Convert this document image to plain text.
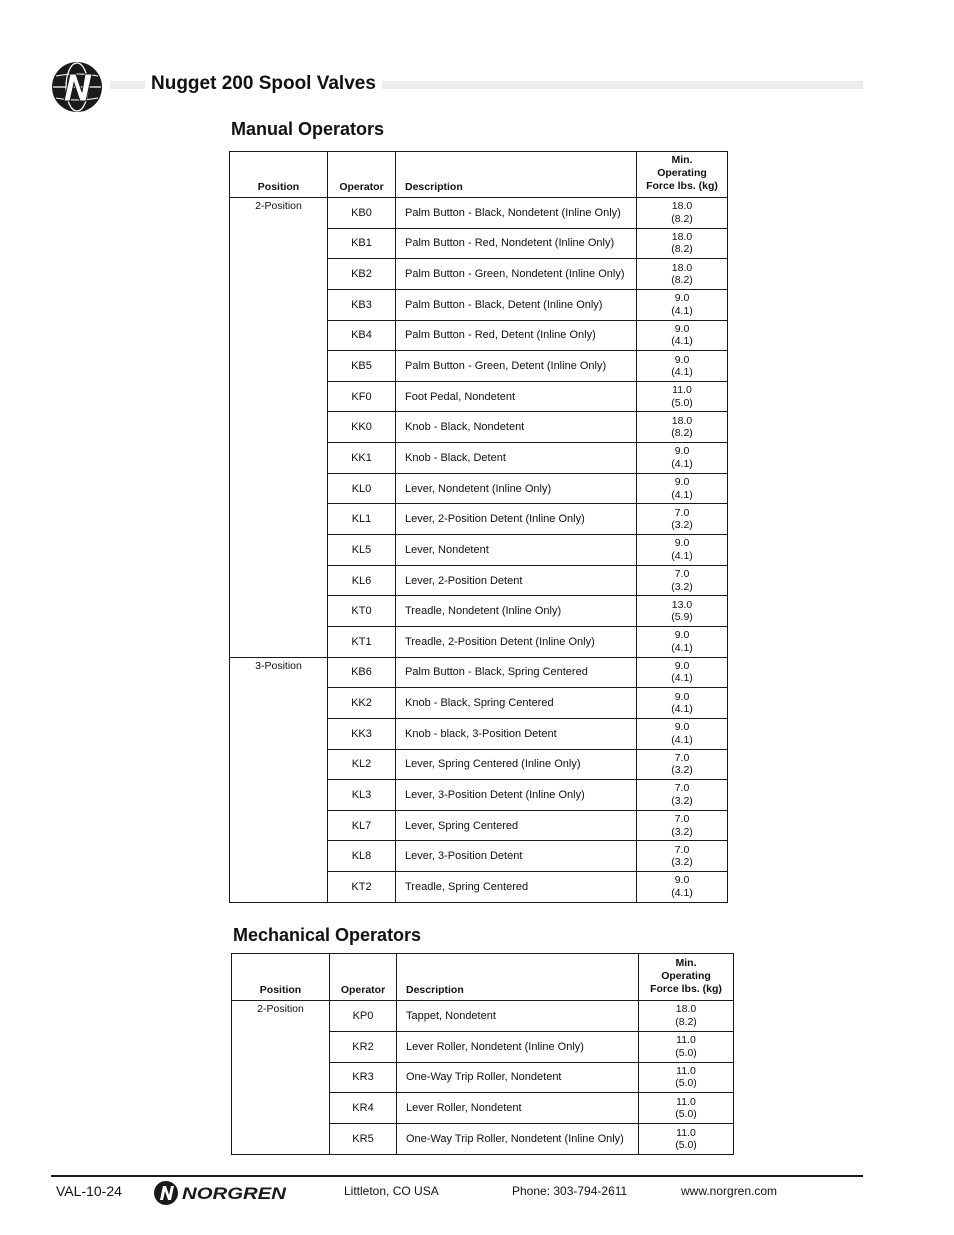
Nugget 200 Spool Valves
Manual Operators
Position	Operator	Description	Min.
Operating
Force lbs. (kg)
2-Position	KB0	Palm Button - Black, Nondetent (Inline Only)	18.0
(8.2)
	KB1	Palm Button - Red, Nondetent (Inline Only)	18.0
(8.2)
	KB2	Palm Button - Green, Nondetent (Inline Only)	18.0
(8.2)
	KB3	Palm Button - Black, Detent (Inline Only)	9.0
(4.1)
	KB4	Palm Button - Red, Detent (Inline Only)	9.0
(4.1)
	KB5	Palm Button - Green, Detent (Inline Only)	9.0
(4.1)
	KF0	Foot Pedal, Nondetent	11.0
(5.0)
	KK0	Knob - Black, Nondetent	18.0
(8.2)
	KK1	Knob - Black, Detent	9.0
(4.1)
	KL0	Lever, Nondetent (Inline Only)	9.0
(4.1)
	KL1	Lever, 2-Position Detent (Inline Only)	7.0
(3.2)
	KL5	Lever, Nondetent	9.0
(4.1)
	KL6	Lever, 2-Position Detent	7.0
(3.2)
	KT0	Treadle, Nondetent (Inline Only)	13.0
(5.9)
	KT1	Treadle, 2-Position Detent (Inline Only)	9.0
(4.1)
3-Position	KB6	Palm Button - Black, Spring Centered	9.0
(4.1)
	KK2	Knob - Black, Spring Centered	9.0
(4.1)
	KK3	Knob - black, 3-Position Detent	9.0
(4.1)
	KL2	Lever, Spring Centered (Inline Only)	7.0
(3.2)
	KL3	Lever, 3-Position Detent (Inline Only)	7.0
(3.2)
	KL7	Lever, Spring Centered	7.0
(3.2)
	KL8	Lever, 3-Position Detent	7.0
(3.2)
	KT2	Treadle, Spring Centered	9.0
(4.1)
Mechanical Operators
Position	Operator	Description	Min.
Operating
Force lbs. (kg)
2-Position	KP0	Tappet, Nondetent	18.0
(8.2)
	KR2	Lever Roller, Nondetent (Inline Only)	11.0
(5.0)
	KR3	One-Way Trip Roller, Nondetent	11.0
(5.0)
	KR4	Lever Roller, Nondetent	11.0
(5.0)
	KR5	One-Way Trip Roller, Nondetent (Inline Only)	11.0
(5.0)
VAL-10-24	NORGREN	Littleton, CO USA	Phone: 303-794-2611	www.norgren.com
